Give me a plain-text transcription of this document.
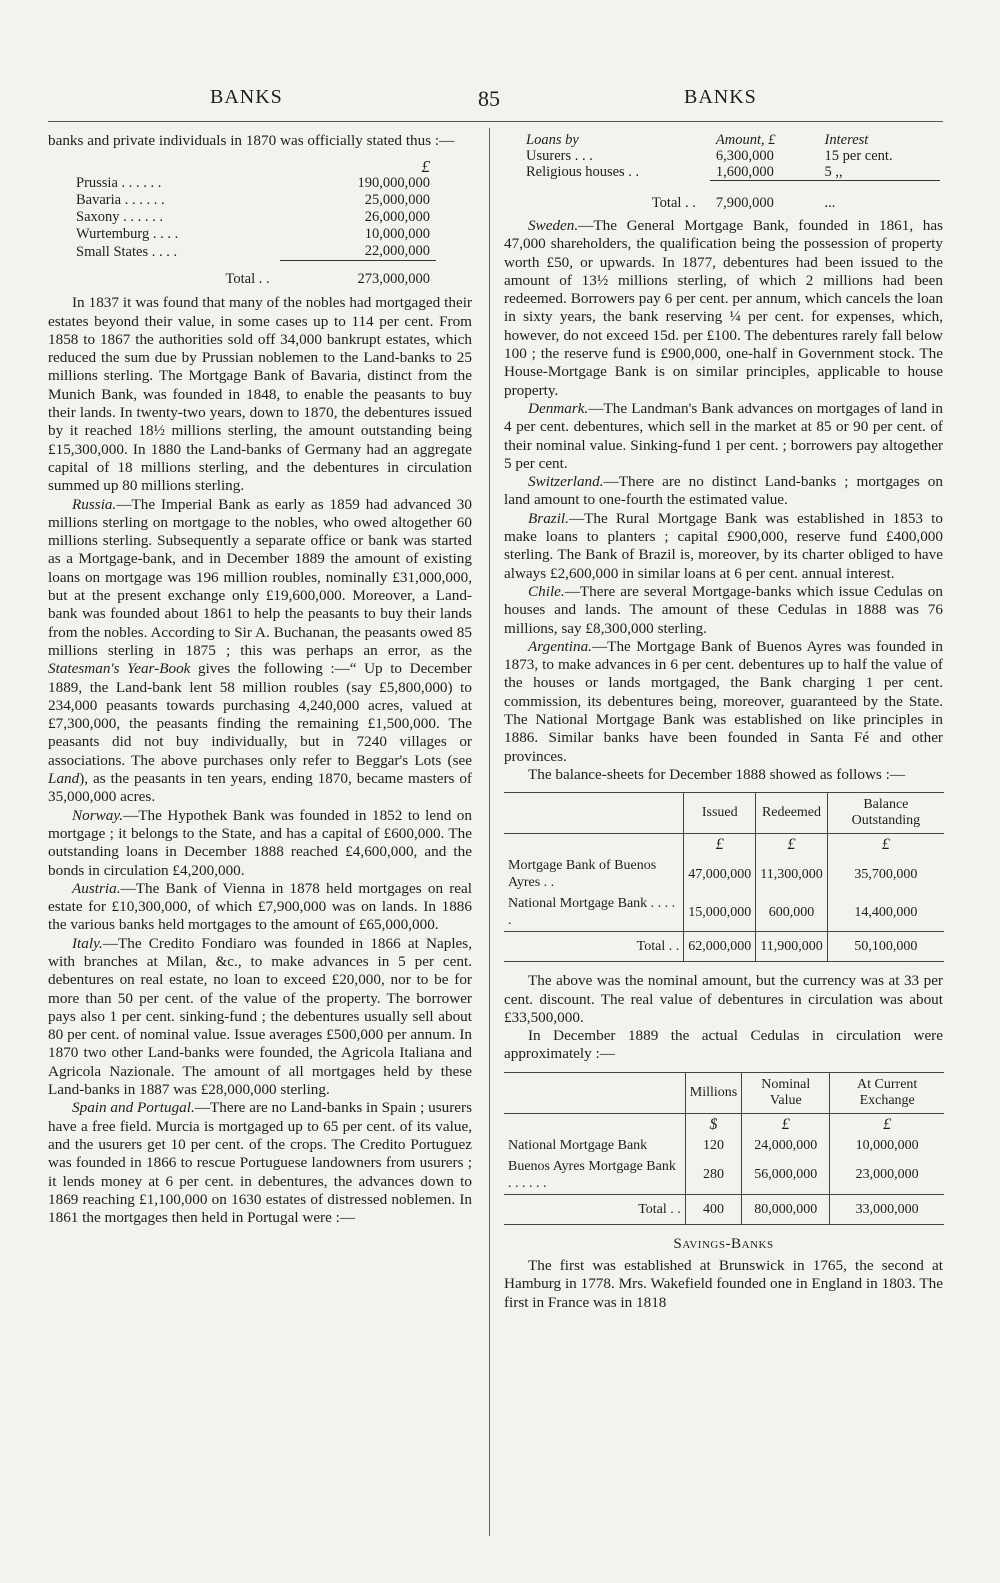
BANKS	85	BANKS

banks and private individuals in 1870 was officially stated thus :—

	£
Prussia . . . . . .	190,000,000
Bavaria . . . . . .	25,000,000
Saxony . . . . . .	26,000,000
Wurtemburg . . . .	10,000,000
Small States . . . .	22,000,000
Total . .	273,000,000

In 1837 it was found that many of the nobles had mortgaged their estates beyond their value, in some cases up to 114 per cent. From 1858 to 1867 the authorities sold off 34,000 bankrupt estates, which reduced the sum due by Prussian noblemen to the Land-banks to 25 millions sterling. The Mortgage Bank of Bavaria, distinct from the Munich Bank, was founded in 1848, to enable the peasants to buy their lands. In twenty-two years, down to 1870, the debentures issued by it reached 18½ millions sterling, the amount outstanding being £15,300,000. In 1880 the Land-banks of Germany had an aggregate capital of 18 millions sterling, and the debentures in circulation summed up 80 millions sterling.

Russia.—The Imperial Bank as early as 1859 had advanced 30 millions sterling on mortgage to the nobles, who owed altogether 60 millions sterling. Subsequently a separate office or bank was started as a Mortgage-bank, and in December 1889 the amount of existing loans on mortgage was 196 million roubles, nominally £31,000,000, but at the present exchange only £19,600,000. Moreover, a Land-bank was founded about 1861 to help the peasants to buy their lands from the nobles. According to Sir A. Buchanan, the peasants owed 85 millions sterling in 1875 ; this was perhaps an error, as the Statesman's Year-Book gives the following :—“ Up to December 1889, the Land-bank lent 58 million roubles (say £5,800,000) to 234,000 peasants towards purchasing 4,240,000 acres, valued at £7,300,000, the peasants finding the remaining £1,500,000. The peasants did not buy individually, but in 7240 villages or associations. The above purchases only refer to Beggar's Lots (see Land), as the peasants in ten years, ending 1870, became masters of 35,000,000 acres.

Norway.—The Hypothek Bank was founded in 1852 to lend on mortgage ; it belongs to the State, and has a capital of £600,000. The outstanding loans in December 1888 reached £4,600,000, and the bonds in circulation £4,200,000.

Austria.—The Bank of Vienna in 1878 held mortgages on real estate for £10,300,000, of which £7,900,000 was on lands. In 1886 the various banks held mortgages to the amount of £65,000,000.

Italy.—The Credito Fondiaro was founded in 1866 at Naples, with branches at Milan, &c., to make advances in 5 per cent. debentures on real estate, no loan to exceed £20,000, nor to be for more than 50 per cent. of the value of the property. The borrower pays also 1 per cent. sinking-fund ; the debentures usually sell about 80 per cent. of nominal value. Issue averages £500,000 per annum. In 1870 two other Land-banks were founded, the Agricola Italiana and Agricola Nazionale. The amount of all mortgages held by these Land-banks in 1887 was £28,000,000 sterling.

Spain and Portugal.—There are no Land-banks in Spain ; usurers have a free field. Murcia is mortgaged up to 65 per cent. of its value, and the usurers get 10 per cent. of the crops. The Credito Portuguez was founded in 1866 to rescue Portuguese landowners from usurers ; it lends money at 6 per cent. in debentures, the advances down to 1869 reaching £1,100,000 on 1630 estates of distressed noblemen. In 1861 the mortgages then held in Portugal were :—

Loans by	Amount, £	Interest
Usurers . . .	6,300,000	15 per cent.
Religious houses . .	1,600,000	5 ,,

Total . .	7,900,000	...

Sweden.—The General Mortgage Bank, founded in 1861, has 47,000 shareholders, the qualification being the possession of property worth £50, or upwards. In 1877, debentures had been issued to the amount of 13½ millions sterling, of which 2 millions had been redeemed. Borrowers pay 6 per cent. per annum, which cancels the loan in sixty years, the bank reserving ¼ per cent. for expenses, which, however, do not exceed 15d. per £100. The debentures rarely fall below 100 ; the reserve fund is £900,000, one-half in Government stock. The House-Mortgage Bank is on similar principles, applicable to house property.

Denmark.—The Landman's Bank advances on mortgages of land in 4 per cent. debentures, which sell in the market at 85 or 90 per cent. of their nominal value. Sinking-fund 1 per cent. ; borrowers pay altogether 5 per cent.

Switzerland.—There are no distinct Land-banks ; mortgages on land amount to one-fourth the estimated value.

Brazil.—The Rural Mortgage Bank was established in 1853 to make loans to planters ; capital £900,000, reserve fund £400,000 sterling. The Bank of Brazil is, moreover, by its charter obliged to have always £2,600,000 in similar loans at 6 per cent. annual interest.

Chile.—There are several Mortgage-banks which issue Cedulas on houses and lands. The amount of these Cedulas in 1888 was 76 millions, say £8,300,000 sterling.

Argentina.—The Mortgage Bank of Buenos Ayres was founded in 1873, to make advances in 6 per cent. debentures up to half the value of the houses or lands mortgaged, the Bank charging 1 per cent. commission, its debentures being, moreover, guaranteed by the State. The National Mortgage Bank was established on like principles in 1886. Similar banks have been founded in Santa Fé and other provinces.

The balance-sheets for December 1888 showed as follows :—

	Issued	Redeemed	Balance Outstanding
	£	£	£
Mortgage Bank of Buenos Ayres . .	47,000,000	11,300,000	35,700,000
National Mortgage Bank . . . . .	15,000,000	600,000	14,400,000
Total . .	62,000,000	11,900,000	50,100,000

The above was the nominal amount, but the currency was at 33 per cent. discount. The real value of debentures in circulation was about £33,500,000.

In December 1889 the actual Cedulas in circulation were approximately :—

	Millions	Nominal Value	At Current Exchange
	$	£	£
National Mortgage Bank	120	24,000,000	10,000,000
Buenos Ayres Mortgage Bank . . . . . .	280	56,000,000	23,000,000
Total . .	400	80,000,000	33,000,000
Savings-Banks

The first was established at Brunswick in 1765, the second at Hamburg in 1778. Mrs. Wakefield founded one in England in 1803. The first in France was in 1818
